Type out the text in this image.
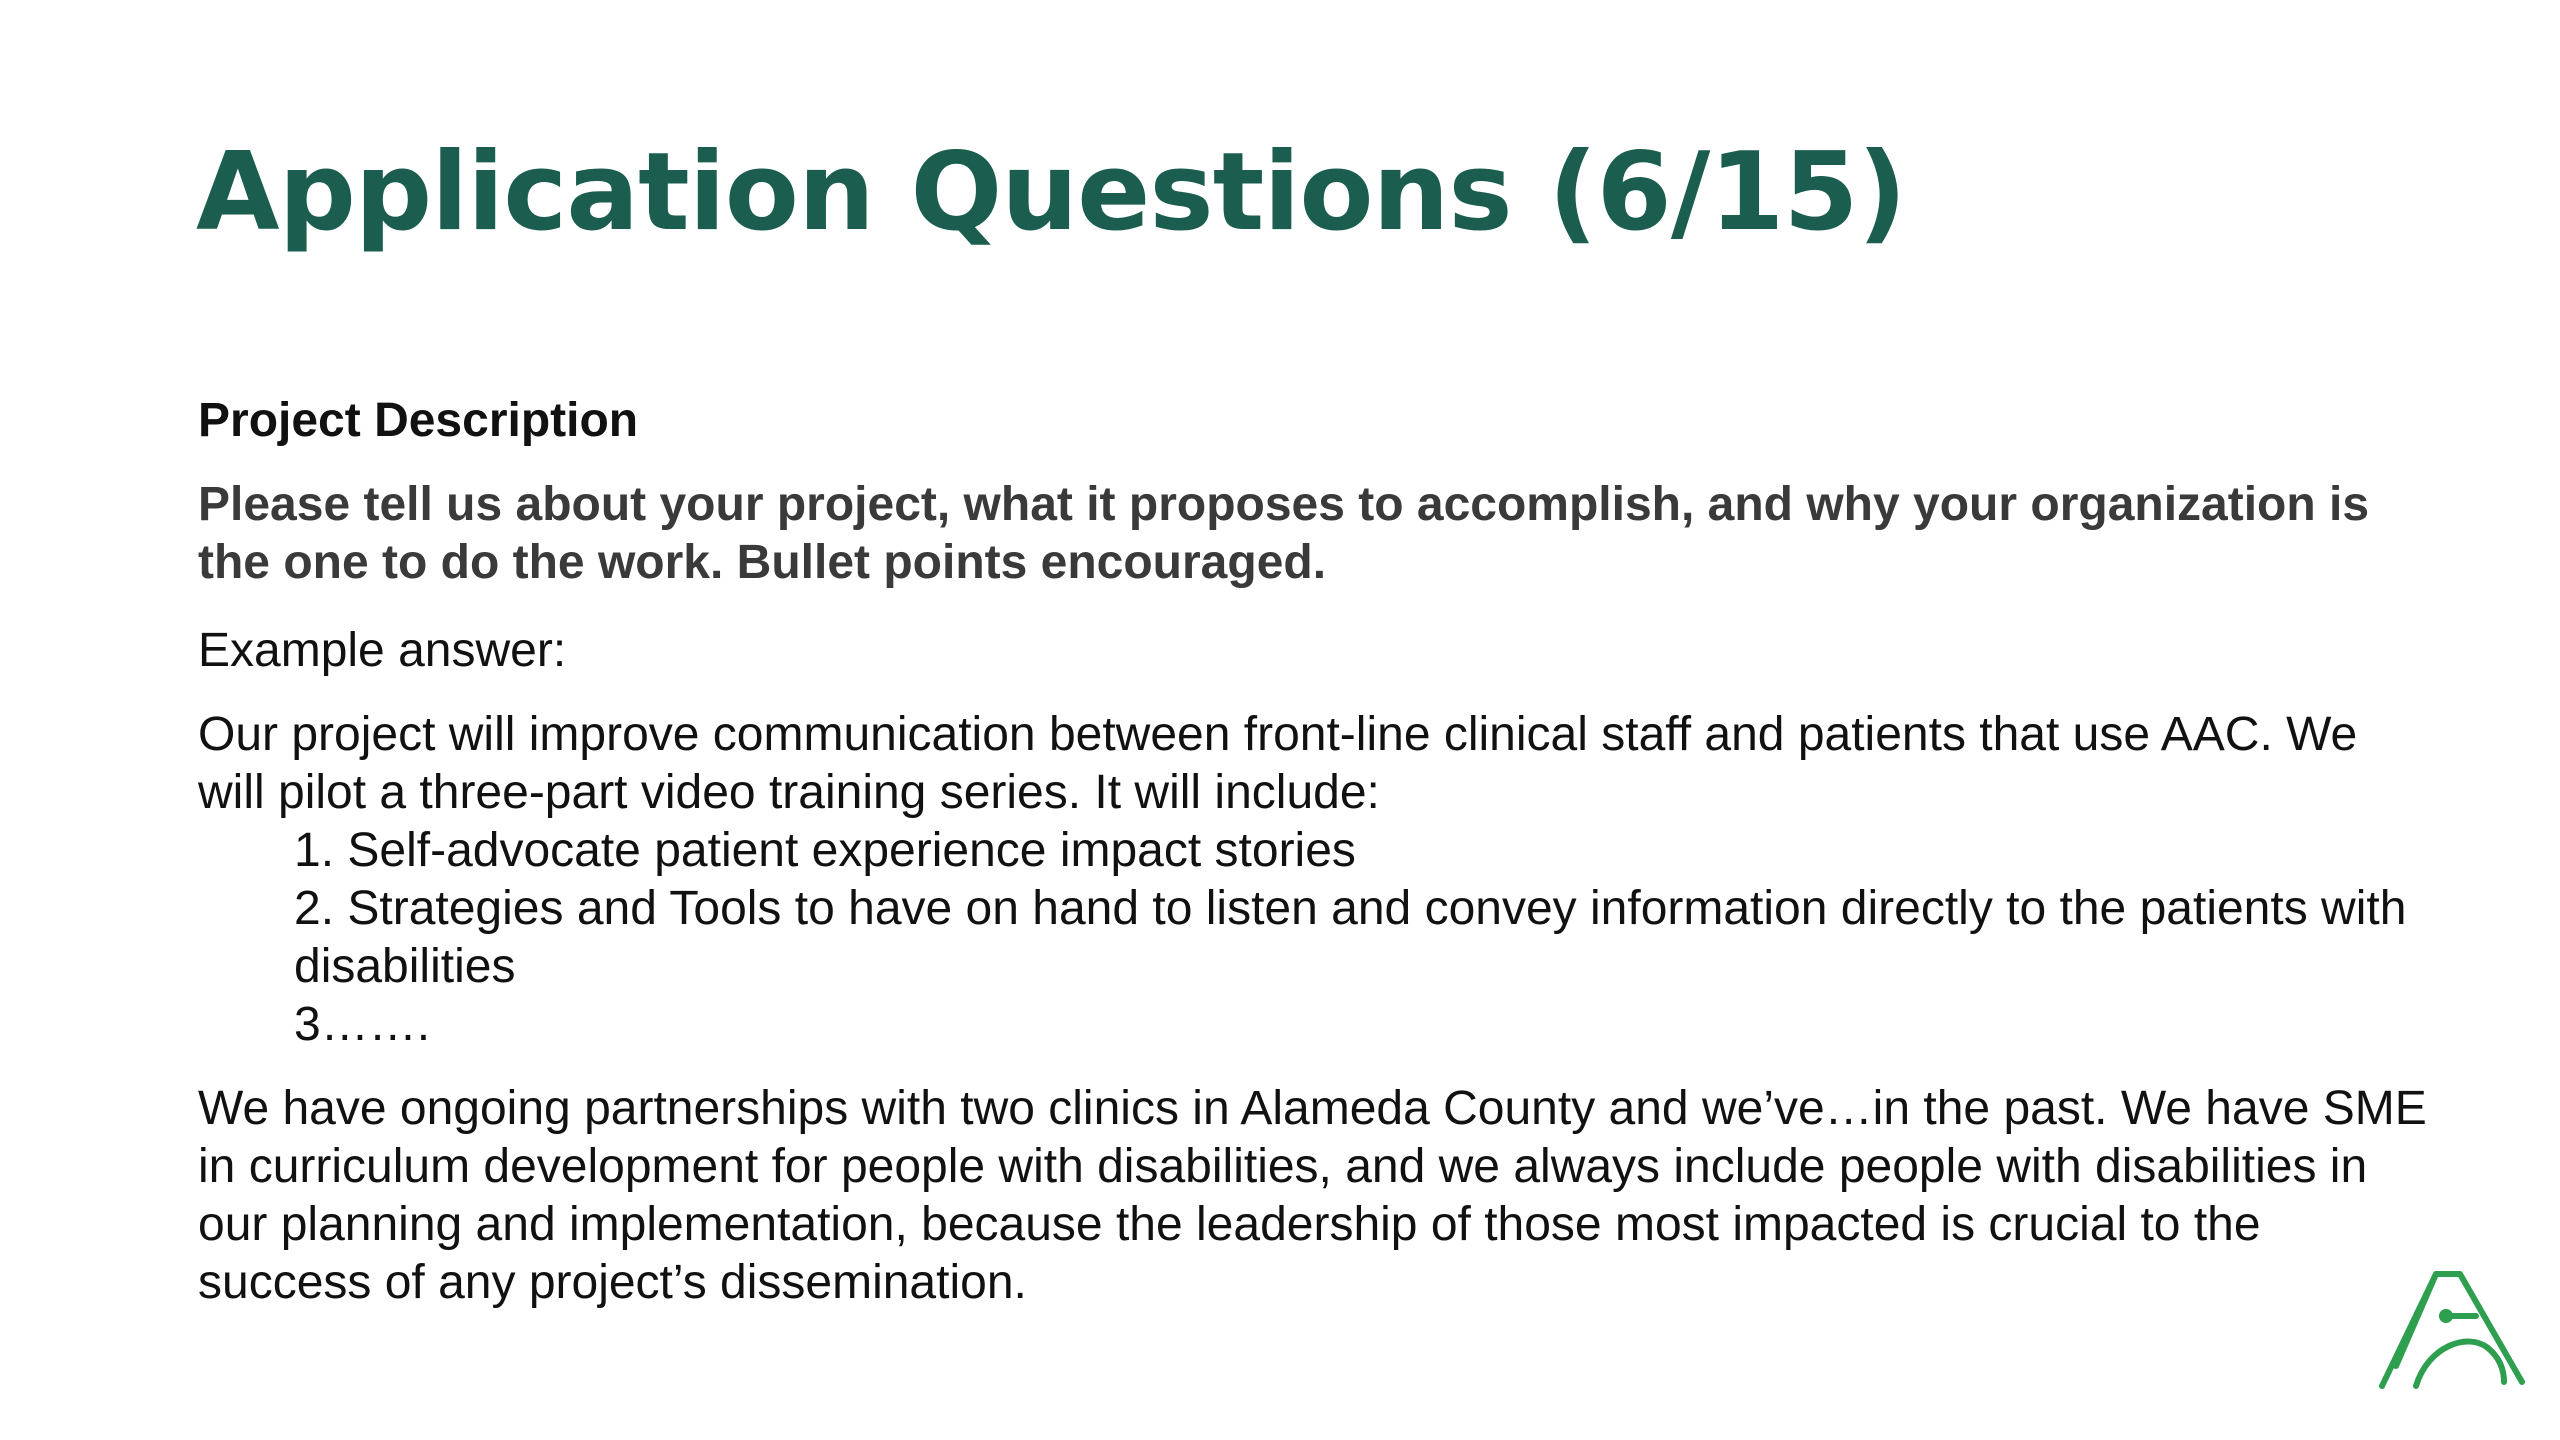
Application Questions (6/15)
Project Description

Please tell us about your project, what it proposes to accomplish, and why your organization is the one to do the work. Bullet points encouraged.

Example answer:

Our project will improve communication between front-line clinical staff and patients that use AAC. We will pilot a three-part video training series. It will include:

1. Self-advocate patient experience impact stories
2. Strategies and Tools to have on hand to listen and convey information directly to the patients with disabilities
3…….

We have ongoing partnerships with two clinics in Alameda County and we’ve…in the past. We have SME in curriculum development for people with disabilities, and we always include people with disabilities in our planning and implementation, because the leadership of those most impacted is crucial to the success of any project’s dissemination.
